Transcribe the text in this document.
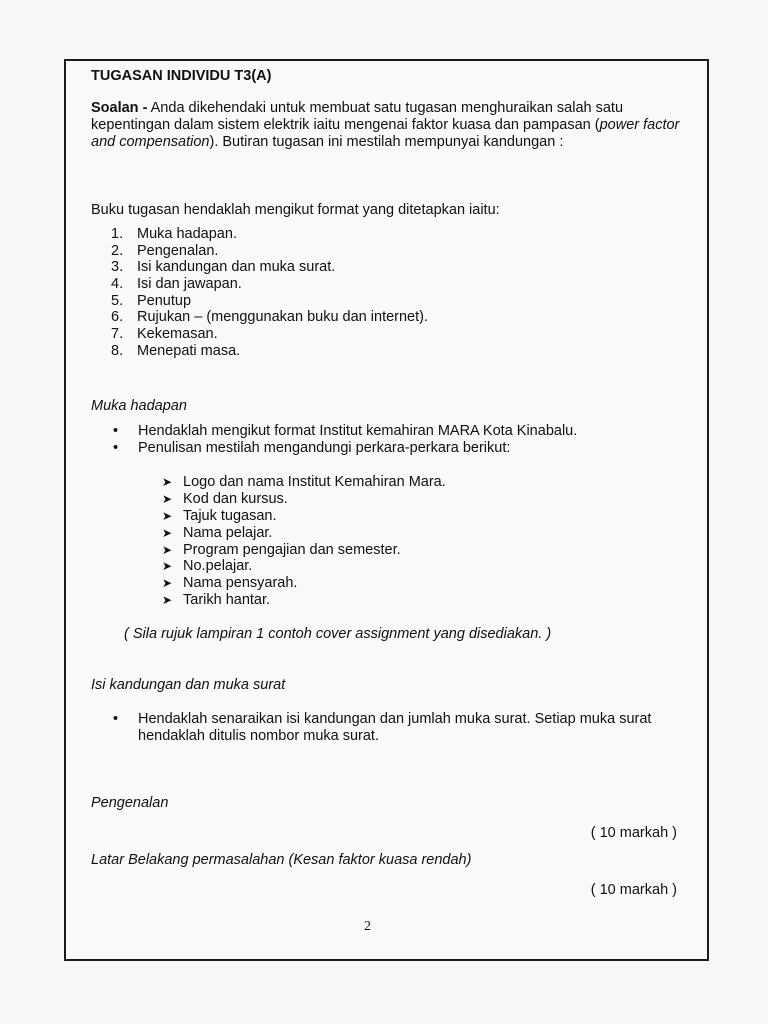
TUGASAN INDIVIDU T3(A)
Soalan - Anda dikehendaki untuk membuat satu tugasan menghuraikan salah satu kepentingan dalam sistem elektrik iaitu mengenai faktor kuasa dan pampasan (power factor and compensation). Butiran tugasan ini mestilah mempunyai kandungan :
Buku tugasan hendaklah mengikut format yang ditetapkan iaitu:
1. Muka hadapan.
2. Pengenalan.
3. Isi kandungan dan muka surat.
4. Isi dan jawapan.
5. Penutup
6. Rujukan – (menggunakan buku dan internet).
7. Kekemasan.
8. Menepati masa.
Muka hadapan
• Hendaklah mengikut format Institut kemahiran MARA Kota Kinabalu.
• Penulisan mestilah mengandungi perkara-perkara berikut:
➤ Logo dan nama Institut Kemahiran Mara.
➤ Kod dan kursus.
➤ Tajuk tugasan.
➤ Nama pelajar.
➤ Program pengajian dan semester.
➤ No.pelajar.
➤ Nama pensyarah.
➤ Tarikh hantar.
( Sila rujuk lampiran 1 contoh cover assignment yang disediakan. )
Isi kandungan dan muka surat
• Hendaklah senaraikan isi kandungan dan jumlah muka surat. Setiap muka surat hendaklah ditulis nombor muka surat.
Pengenalan
( 10 markah )
Latar Belakang permasalahan (Kesan faktor kuasa rendah)
( 10 markah )
2
